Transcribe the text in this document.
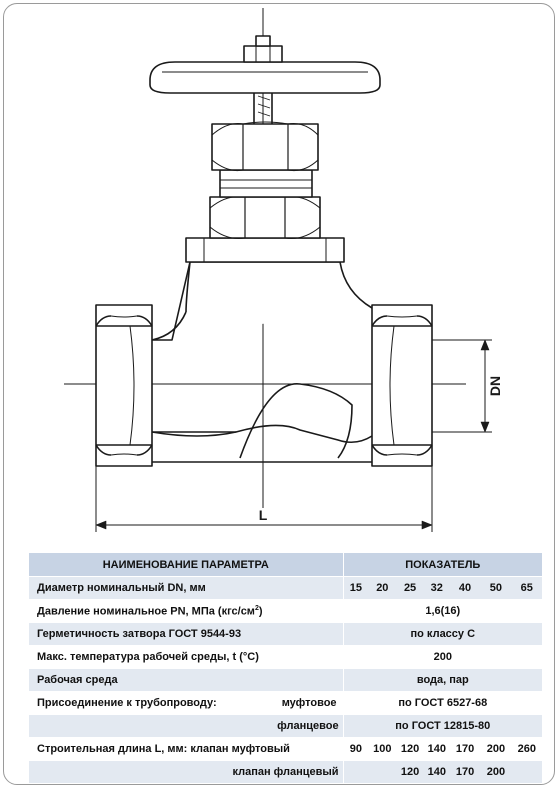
DN
L
НАИМЕНОВАНИЕ ПАРАМЕТРА	ПОКАЗАТЕЛЬ						
Диаметр номинальный DN, мм	15	20	25	32	40	50	65
Давление номинальное PN, МПа $(кгс/см^2)$	1,6(16)						
Герметичность затвора ГОСТ 9544-93	по классу С						
Макс. температура рабочей среды, t (°С)	200						
Рабочая среда	вода, пар						

Присоединение к трубопроводу: муфтовое	по ГОСТ 6527-68						
фланцевое	по ГОСТ 12815-80						
Строительная длина L, мм: клапан муфтовый	90	100	120	140	170	200	260
клапан фланцевый			120	140	170	200	
